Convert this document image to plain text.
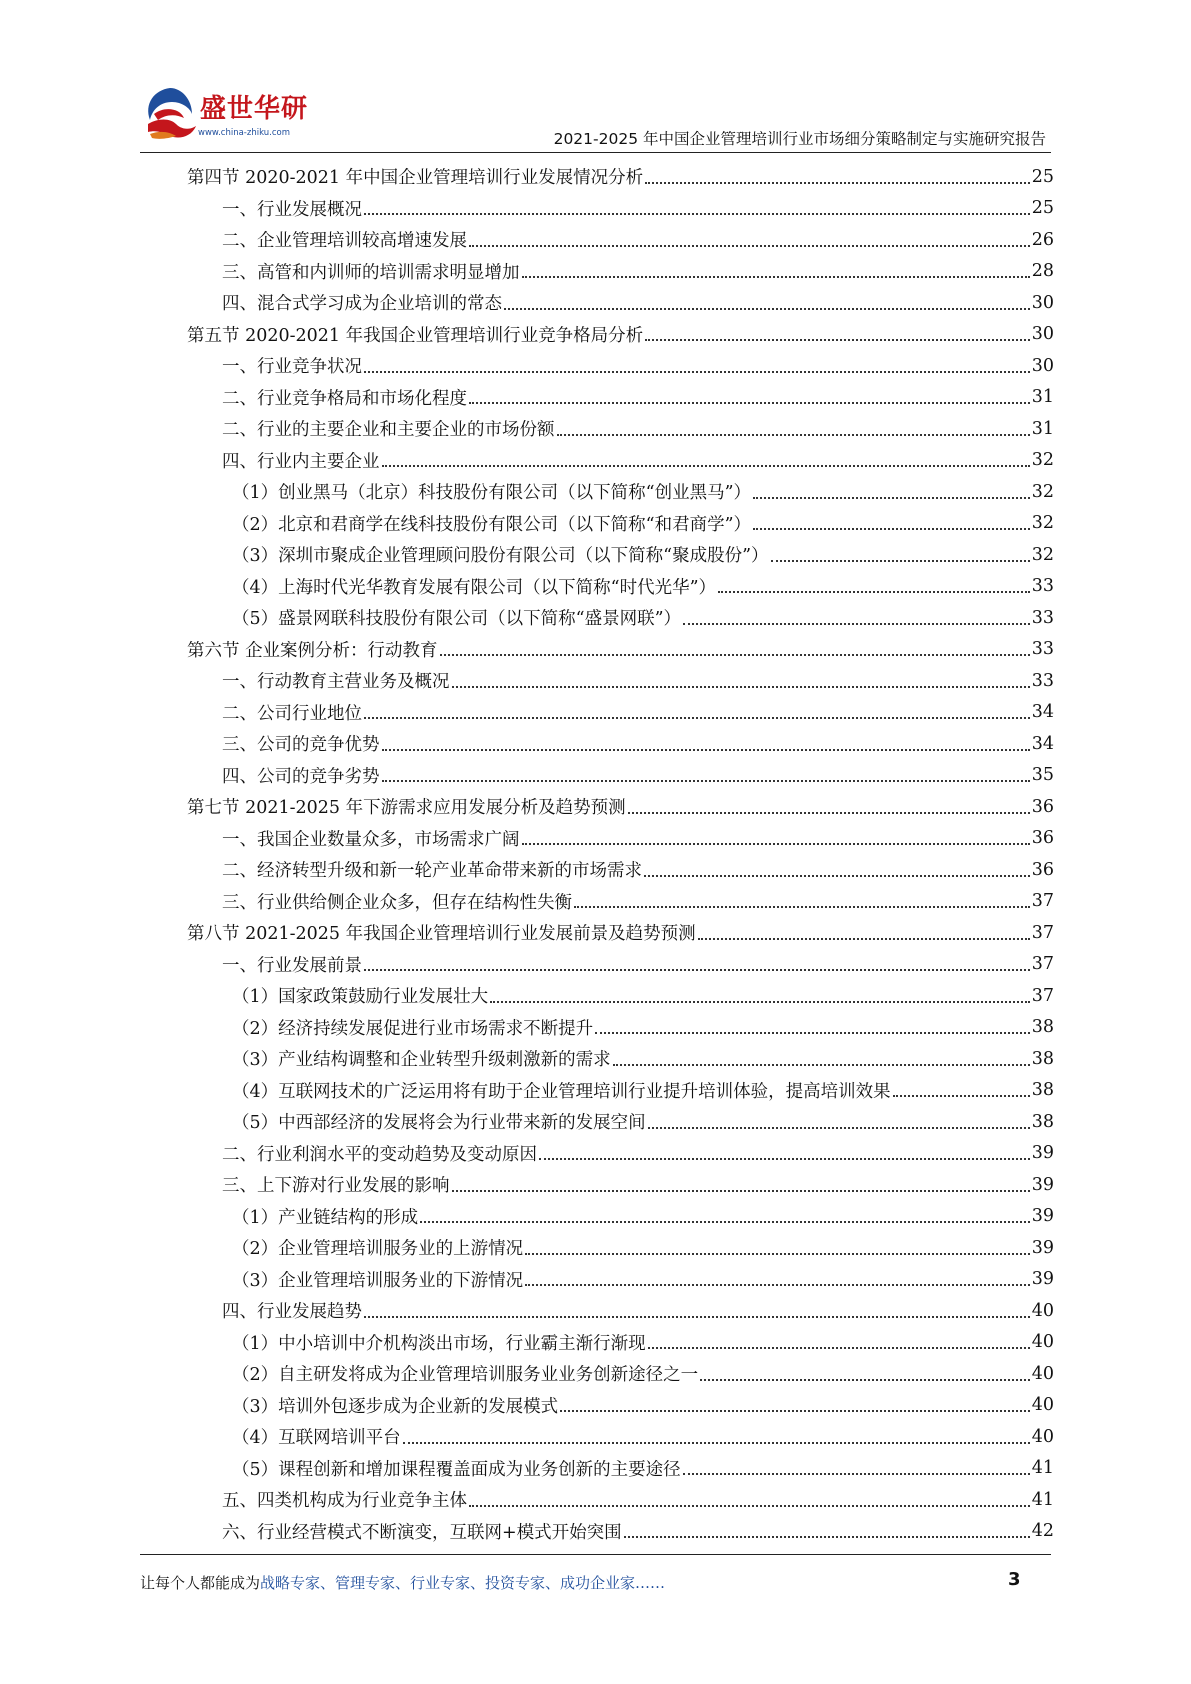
盛世华研
www.china-zhiku.com	2021-2025 年中国企业管理培训行业市场细分策略制定与实施研究报告
第四节 2020-2021 年中国企业管理培训行业发展情况分析	25
一、行业发展概况	25
二、企业管理培训较高增速发展	26
三、高管和内训师的培训需求明显增加	28
四、混合式学习成为企业培训的常态	30
第五节 2020-2021 年我国企业管理培训行业竞争格局分析	30
一、行业竞争状况	30
二、行业竞争格局和市场化程度	31
二、行业的主要企业和主要企业的市场份额	31
四、行业内主要企业	32
（1）创业黑马（北京）科技股份有限公司（以下简称“创业黑马”）	32
（2）北京和君商学在线科技股份有限公司（以下简称“和君商学”）	32
（3）深圳市聚成企业管理顾问股份有限公司（以下简称“聚成股份”）	32
（4）上海时代光华教育发展有限公司（以下简称“时代光华”）	33
（5）盛景网联科技股份有限公司（以下简称“盛景网联”）	33
第六节 企业案例分析：行动教育	33
一、行动教育主营业务及概况	33
二、公司行业地位	34
三、公司的竞争优势	34
四、公司的竞争劣势	35
第七节 2021-2025 年下游需求应用发展分析及趋势预测	36
一、我国企业数量众多，市场需求广阔	36
二、经济转型升级和新一轮产业革命带来新的市场需求	36
三、行业供给侧企业众多，但存在结构性失衡	37
第八节 2021-2025 年我国企业管理培训行业发展前景及趋势预测	37
一、行业发展前景	37
（1）国家政策鼓励行业发展壮大	37
（2）经济持续发展促进行业市场需求不断提升	38
（3）产业结构调整和企业转型升级刺激新的需求	38
（4）互联网技术的广泛运用将有助于企业管理培训行业提升培训体验，提高培训效果	38
（5）中西部经济的发展将会为行业带来新的发展空间	38
二、行业利润水平的变动趋势及变动原因	39
三、上下游对行业发展的影响	39
（1）产业链结构的形成	39
（2）企业管理培训服务业的上游情况	39
（3）企业管理培训服务业的下游情况	39
四、行业发展趋势	40
（1）中小培训中介机构淡出市场，行业霸主渐行渐现	40
（2）自主研发将成为企业管理培训服务业业务创新途径之一	40
（3）培训外包逐步成为企业新的发展模式	40
（4）互联网培训平台	40
（5）课程创新和增加课程覆盖面成为业务创新的主要途径	41
五、四类机构成为行业竞争主体	41
六、行业经营模式不断演变，互联网+模式开始突围	42
让每个人都能成为战略专家、管理专家、行业专家、投资专家、成功企业家……	3
